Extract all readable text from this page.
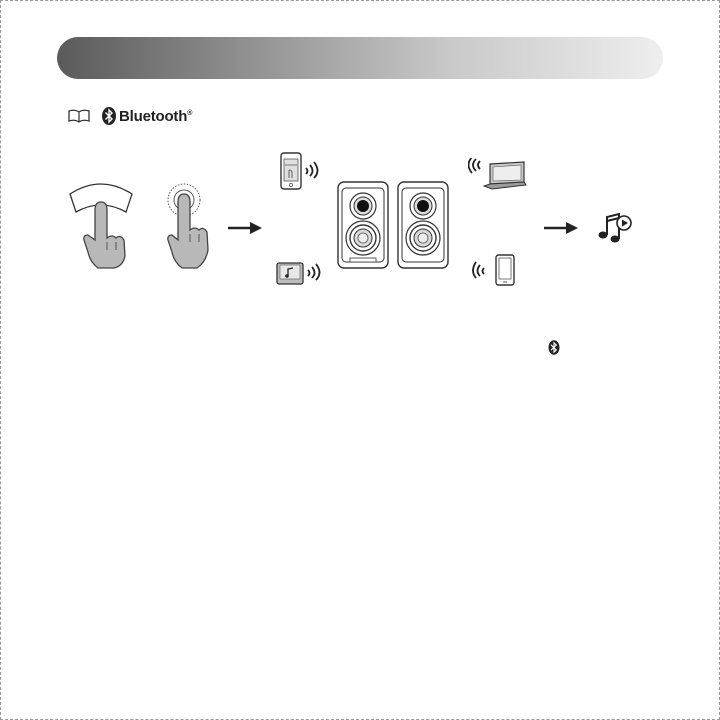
Bluetooth®
